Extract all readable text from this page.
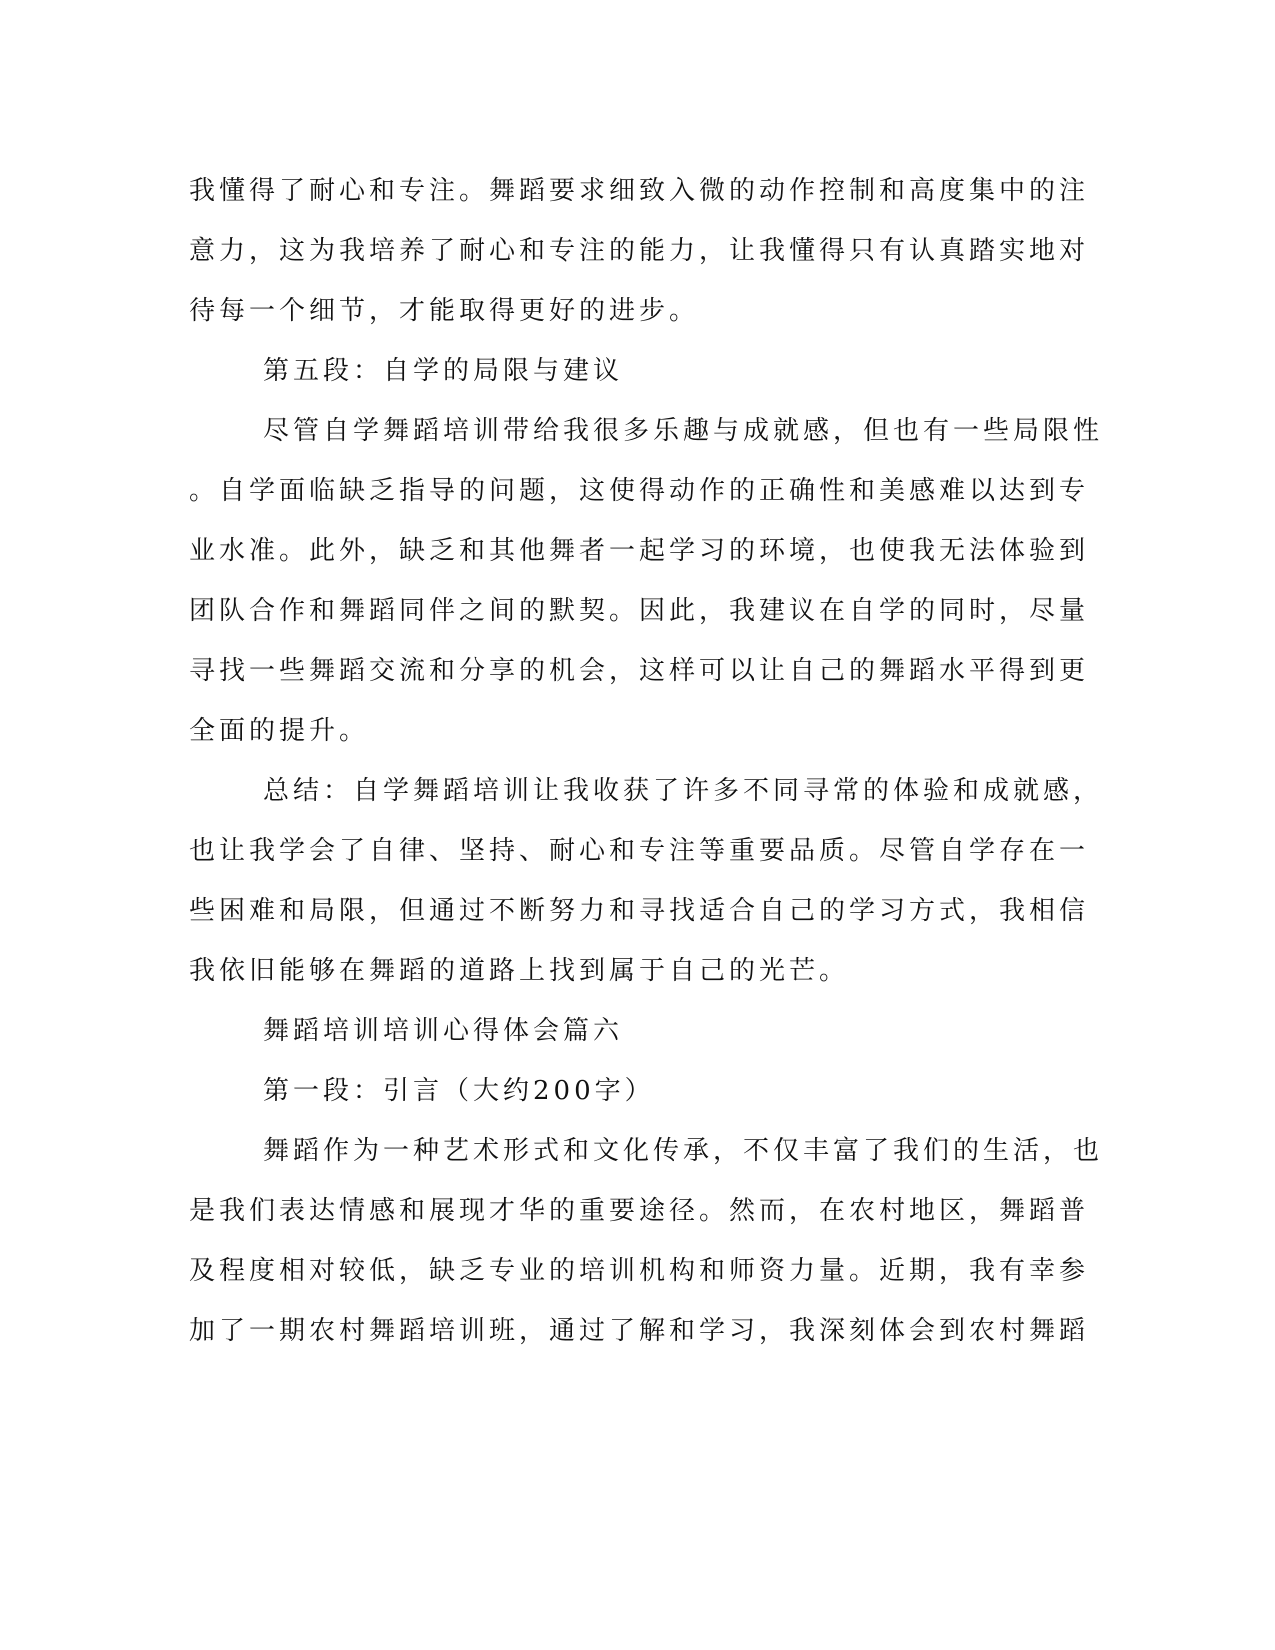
我懂得了耐心和专注。舞蹈要求细致入微的动作控制和高度集中的注

意力，这为我培养了耐心和专注的能力，让我懂得只有认真踏实地对

待每一个细节，才能取得更好的进步。

第五段：自学的局限与建议

尽管自学舞蹈培训带给我很多乐趣与成就感，但也有一些局限性

。自学面临缺乏指导的问题，这使得动作的正确性和美感难以达到专

业水准。此外，缺乏和其他舞者一起学习的环境，也使我无法体验到

团队合作和舞蹈同伴之间的默契。因此，我建议在自学的同时，尽量

寻找一些舞蹈交流和分享的机会，这样可以让自己的舞蹈水平得到更

全面的提升。

总结：自学舞蹈培训让我收获了许多不同寻常的体验和成就感，

也让我学会了自律、坚持、耐心和专注等重要品质。尽管自学存在一

些困难和局限，但通过不断努力和寻找适合自己的学习方式，我相信

我依旧能够在舞蹈的道路上找到属于自己的光芒。

舞蹈培训培训心得体会篇六

第一段：引言（大约200字）

舞蹈作为一种艺术形式和文化传承，不仅丰富了我们的生活，也

是我们表达情感和展现才华的重要途径。然而，在农村地区，舞蹈普

及程度相对较低，缺乏专业的培训机构和师资力量。近期，我有幸参

加了一期农村舞蹈培训班，通过了解和学习，我深刻体会到农村舞蹈
